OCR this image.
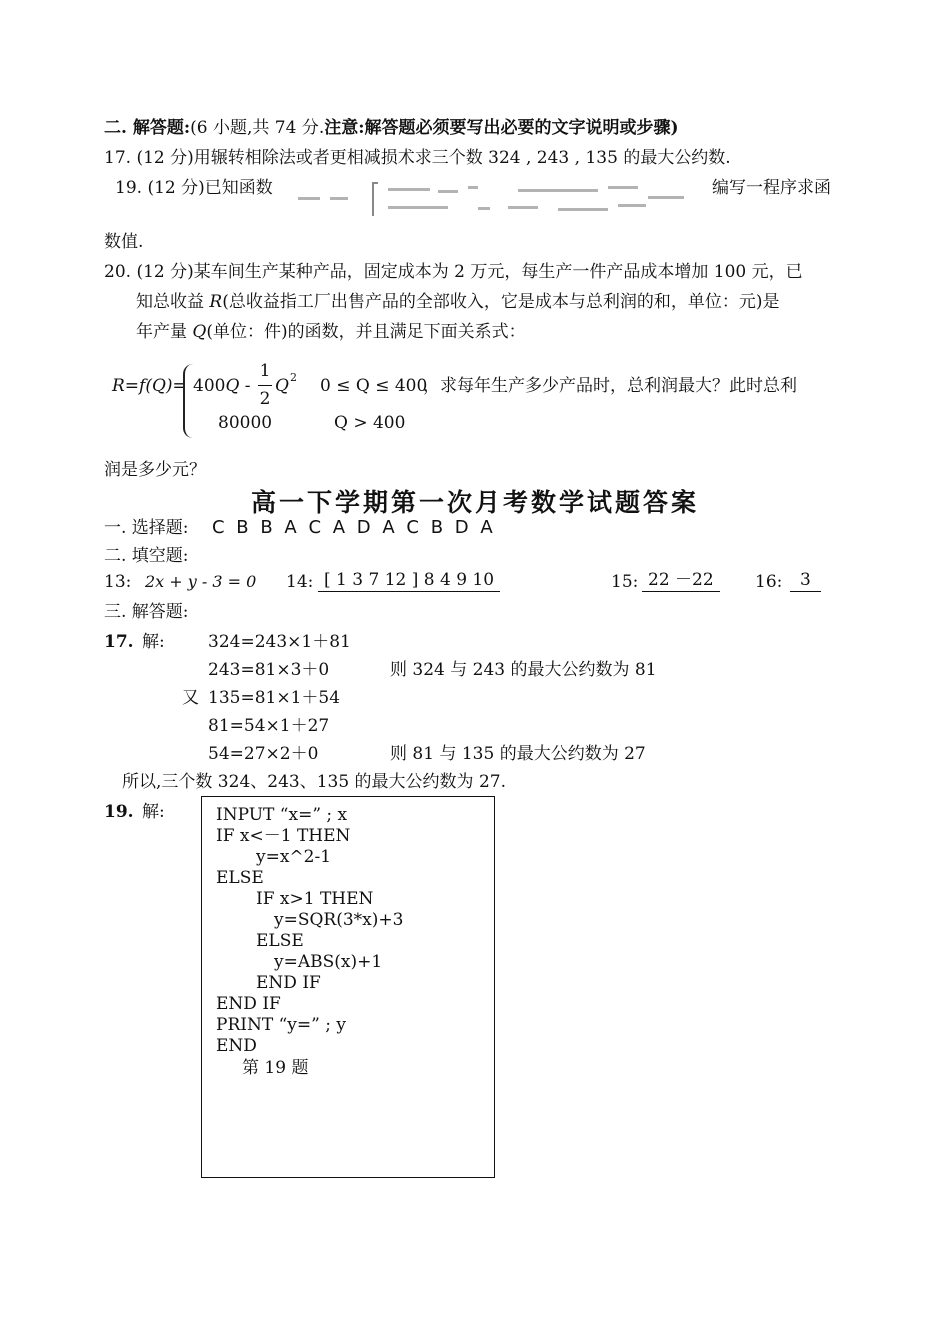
二. 解答题:(6 小题,共 74 分.注意:解答题必须要写出必要的文字说明或步骤)
17. (12 分)用辗转相除法或者更相减损术求三个数 324 , 243 , 135 的最大公约数.
19. (12 分)已知函数	编写一程序求函
数值.
20. (12 分)某车间生产某种产品，固定成本为 2 万元，每生产一件产品成本增加 100 元，已
知总收益 R(总收益指工厂出售产品的全部收入，它是成本与总利润的和，单位：元)是
年产量 Q(单位：件)的函数，并且满足下面关系式：
R=f(Q)= 400Q -
1
2
Q 2 0 ≤ Q ≤ 400
，求每年生产多少产品时，总利润最大？此时总利
80000	Q > 400
润是多少元？
高一下学期第一次月考数学试题答案
一. 选择题: C B B A C A D A C B D A
二. 填空题:
13: 2x + y - 3 = 0 14: [ 1 3 7 12 ] 8 4 9 10	15: 22 －22	16:	3
三. 解答题:
17. 解:	324=243×1＋81
243=81×3＋0	则 324 与 243 的最大公约数为 81
又 135=81×1＋54
81=54×1＋27
54=27×2＋0	则 81 与 135 的最大公约数为 27
所以,三个数 324、243、135 的最大公约数为 27.
19. 解:	INPUT “x=” ; x
IF x<－1 THEN
y=x^2-1
ELSE
IF x>1 THEN
y=SQR(3*x)+3
ELSE
y=ABS(x)+1
END IF
END IF
PRINT “y=” ; y
END
第 19 题
